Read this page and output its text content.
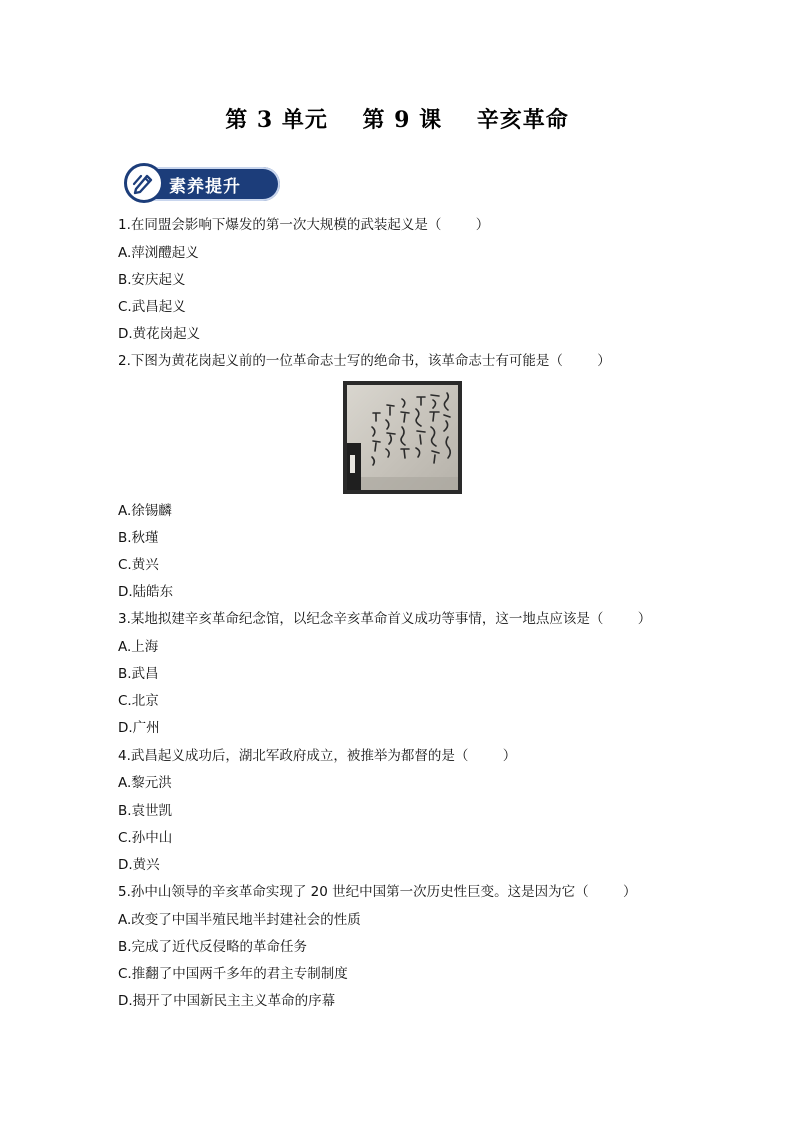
第 3 单元    第 9 课    辛亥革命
素养提升
1.在同盟会影响下爆发的第一次大规模的武装起义是（        ）
A.萍浏醴起义
B.安庆起义
C.武昌起义
D.黄花岗起义
2.下图为黄花岗起义前的一位革命志士写的绝命书，该革命志士有可能是（        ）
A.徐锡麟
B.秋瑾
C.黄兴
D.陆皓东
3.某地拟建辛亥革命纪念馆，以纪念辛亥革命首义成功等事情，这一地点应该是（        ）
A.上海
B.武昌
C.北京
D.广州
4.武昌起义成功后，湖北军政府成立，被推举为都督的是（        ）
A.黎元洪
B.袁世凯
C.孙中山
D.黄兴
5.孙中山领导的辛亥革命实现了 20 世纪中国第一次历史性巨变。这是因为它（        ）
A.改变了中国半殖民地半封建社会的性质
B.完成了近代反侵略的革命任务
C.推翻了中国两千多年的君主专制制度
D.揭开了中国新民主主义革命的序幕
